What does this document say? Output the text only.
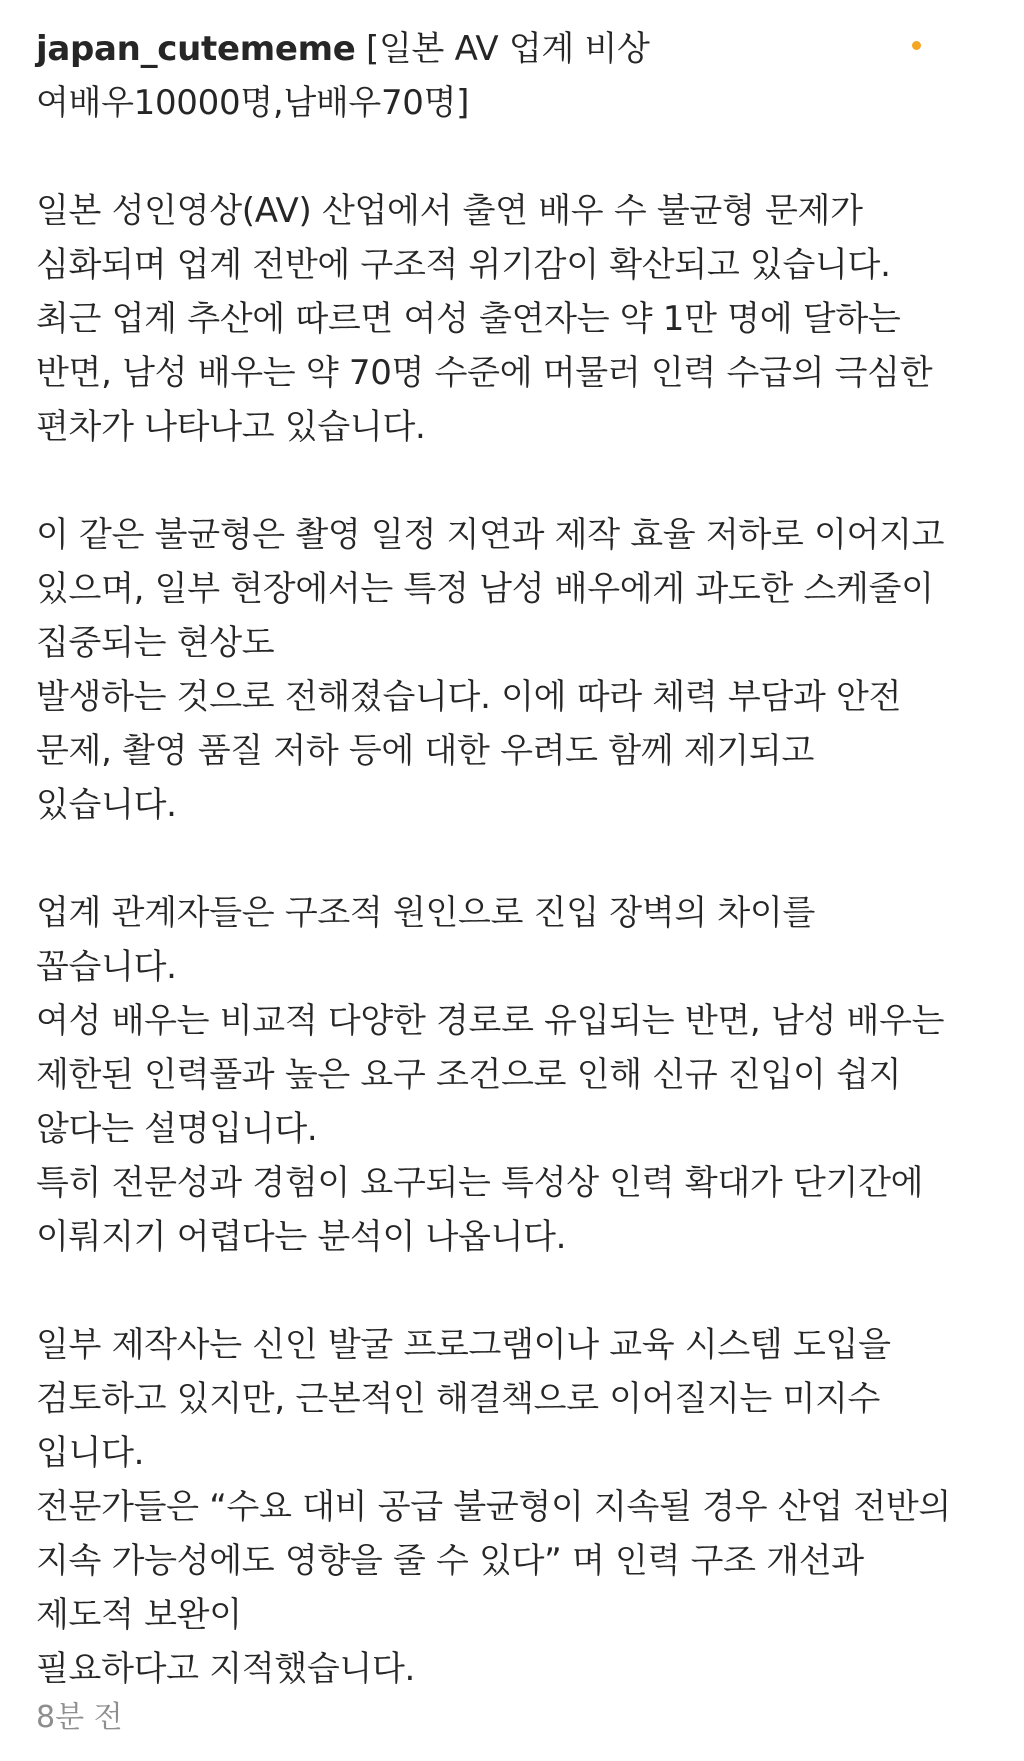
japan_cutememe [일본 AV 업계 비상
여배우10000명,남배우70명]
일본 성인영상(AV) 산업에서 출연 배우 수 불균형 문제가
심화되며 업계 전반에 구조적 위기감이 확산되고 있습니다.
최근 업계 추산에 따르면 여성 출연자는 약 1만 명에 달하는
반면, 남성 배우는 약 70명 수준에 머물러 인력 수급의 극심한
편차가 나타나고 있습니다.
이 같은 불균형은 촬영 일정 지연과 제작 효율 저하로 이어지고
있으며, 일부 현장에서는 특정 남성 배우에게 과도한 스케줄이
집중되는 현상도
발생하는 것으로 전해졌습니다. 이에 따라 체력 부담과 안전
문제, 촬영 품질 저하 등에 대한 우려도 함께 제기되고
있습니다.
업계 관계자들은 구조적 원인으로 진입 장벽의 차이를
꼽습니다.
여성 배우는 비교적 다양한 경로로 유입되는 반면, 남성 배우는
제한된 인력풀과 높은 요구 조건으로 인해 신규 진입이 쉽지
않다는 설명입니다.
특히 전문성과 경험이 요구되는 특성상 인력 확대가 단기간에
이뤄지기 어렵다는 분석이 나옵니다.
일부 제작사는 신인 발굴 프로그램이나 교육 시스템 도입을
검토하고 있지만, 근본적인 해결책으로 이어질지는 미지수
입니다.
전문가들은 “수요 대비 공급 불균형이 지속될 경우 산업 전반의
지속 가능성에도 영향을 줄 수 있다” 며 인력 구조 개선과
제도적 보완이
필요하다고 지적했습니다.
8분 전
